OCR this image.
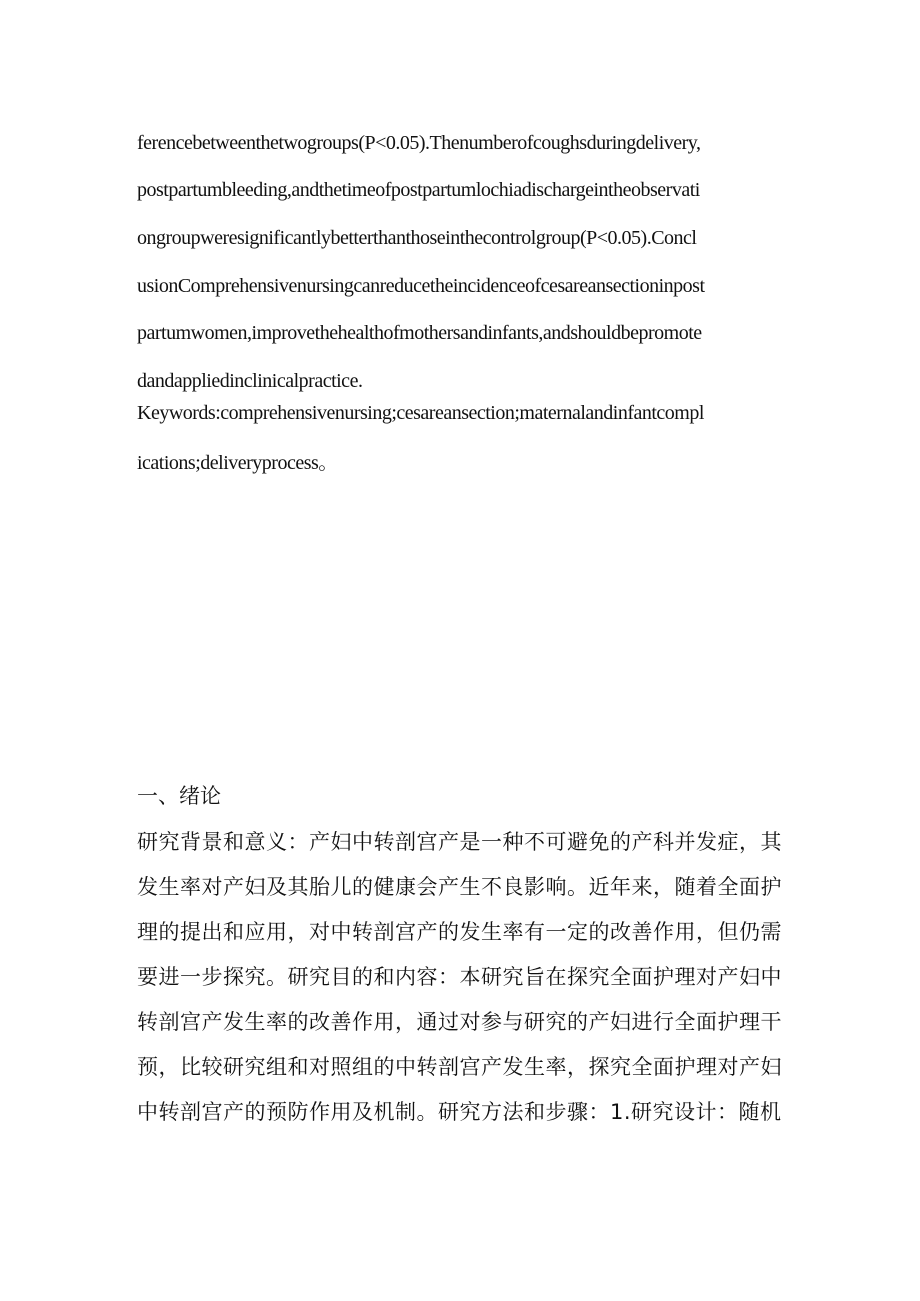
ferencebetweenthetwogroups(P<0.05).Thenumberofcoughsduringdelivery,
postpartumbleeding,andthetimeofpostpartumlochiadischargeintheobservati
ongroupweresignificantlybetterthanthoseinthecontrolgroup(P<0.05).Concl
usionComprehensivenursingcanreducetheincidenceofcesareansectioninpost
partumwomen,improvethehealthofmothersandinfants,andshouldbepromote
dandappliedinclinicalpractice.
Keywords:comprehensivenursing;cesareansection;maternalandinfantcompl
ications;deliveryprocess。
一、绪论
研究背景和意义：产妇中转剖宫产是一种不可避免的产科并发症，其
发生率对产妇及其胎儿的健康会产生不良影响。近年来，随着全面护
理的提出和应用，对中转剖宫产的发生率有一定的改善作用，但仍需
要进一步探究。研究目的和内容：本研究旨在探究全面护理对产妇中
转剖宫产发生率的改善作用，通过对参与研究的产妇进行全面护理干
预，比较研究组和对照组的中转剖宫产发生率，探究全面护理对产妇
中转剖宫产的预防作用及机制。研究方法和步骤：1.研究设计：随机
